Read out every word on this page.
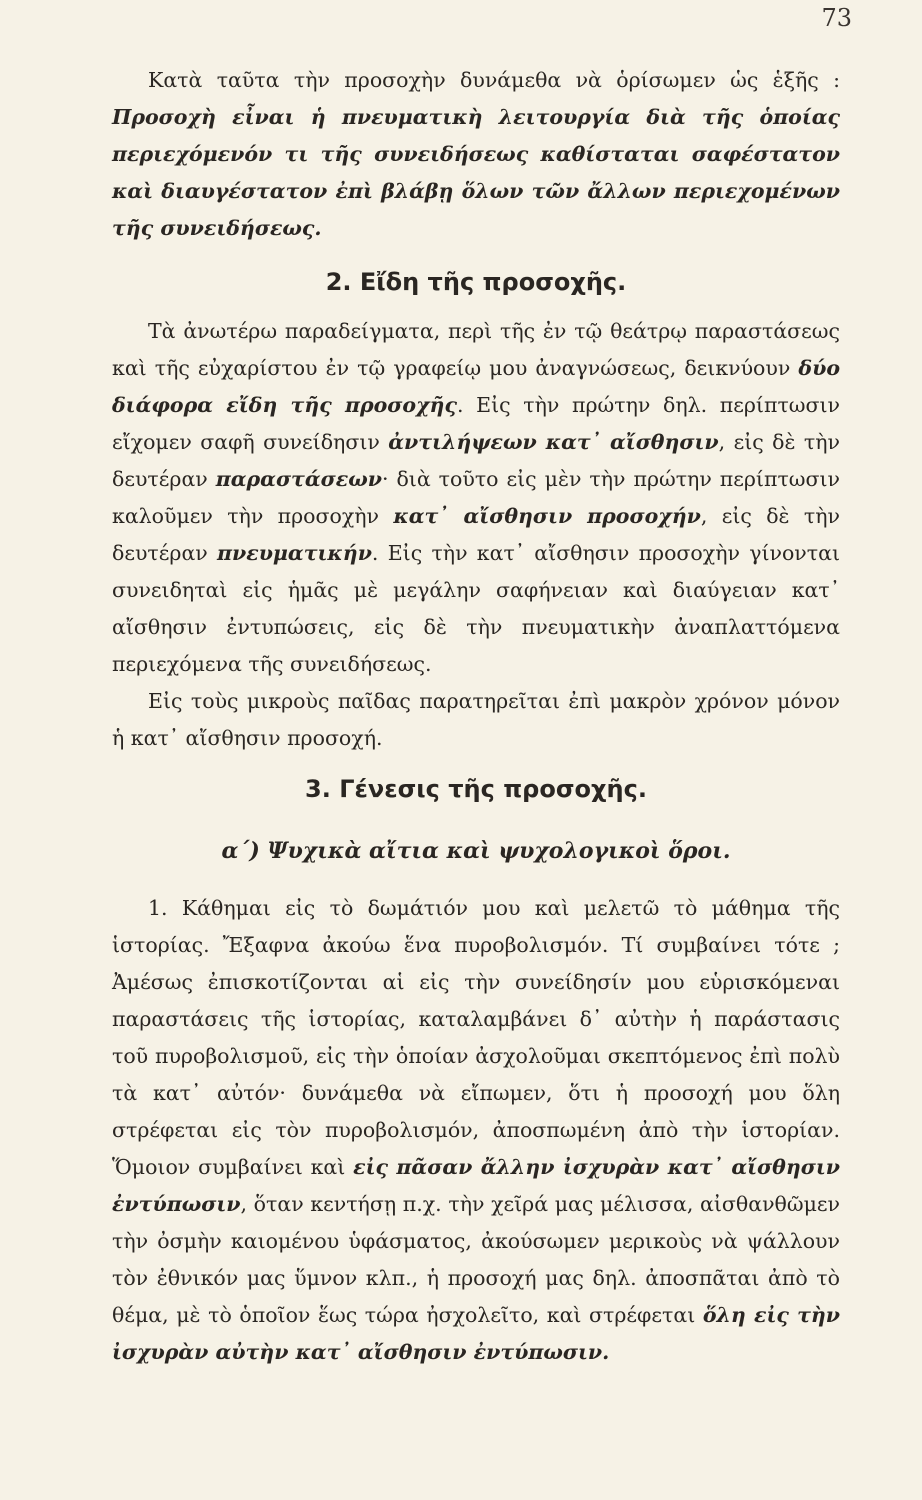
73

Κατὰ ταῦτα τὴν προσοχὴν δυνάμεθα νὰ ὁρίσωμεν ὡς ἑξῆς : Προσοχὴ εἶναι ἡ πνευματικὴ λειτουργία διὰ τῆς ὁποίας περιεχόμενόν τι τῆς συνειδήσεως καθίσταται σαφέστατον καὶ διαυγέστατον ἐπὶ βλάβῃ ὅλων τῶν ἄλλων περιεχομένων τῆς συνειδήσεως.

2. Εἴδη τῆς προσοχῆς.

Τὰ ἀνωτέρω παραδείγματα, περὶ τῆς ἐν τῷ θεάτρῳ παραστάσεως καὶ τῆς εὐχαρίστου ἐν τῷ γραφείῳ μου ἀναγνώσεως, δεικνύουν δύο διάφορα εἴδη τῆς προσοχῆς. Εἰς τὴν πρώτην δηλ. περίπτωσιν εἴχομεν σαφῆ συνείδησιν ἀντιλήψεων κατ᾽ αἴσθησιν, εἰς δὲ τὴν δευτέραν παραστάσεων· διὰ τοῦτο εἰς μὲν τὴν πρώτην περίπτωσιν καλοῦμεν τὴν προσοχὴν κατ᾽ αἴσθησιν προσοχήν, εἰς δὲ τὴν δευτέραν πνευματικήν. Εἰς τὴν κατ᾽ αἴσθησιν προσοχὴν γίνονται συνειδηταὶ εἰς ἡμᾶς μὲ μεγάλην σαφήνειαν καὶ διαύγειαν κατ᾽ αἴσθησιν ἐντυπώσεις, εἰς δὲ τὴν πνευματικὴν ἀναπλαττόμενα περιεχόμενα τῆς συνειδήσεως.

Εἰς τοὺς μικροὺς παῖδας παρατηρεῖται ἐπὶ μακρὸν χρόνον μόνον ἡ κατ᾽ αἴσθησιν προσοχή.

3. Γένεσις τῆς προσοχῆς.
α΄) Ψυχικὰ αἴτια καὶ ψυχολογικοὶ ὅροι.

1. Κάθημαι εἰς τὸ δωμάτιόν μου καὶ μελετῶ τὸ μάθημα τῆς ἱστορίας. Ἔξαφνα ἀκούω ἕνα πυροβολισμόν. Τί συμβαίνει τότε ; Ἀμέσως ἐπισκοτίζονται αἱ εἰς τὴν συνείδησίν μου εὑρισκόμεναι παραστάσεις τῆς ἱστορίας, καταλαμβάνει δ᾽ αὐτὴν ἡ παράστασις τοῦ πυροβολισμοῦ, εἰς τὴν ὁποίαν ἀσχολοῦμαι σκεπτόμενος ἐπὶ πολὺ τὰ κατ᾽ αὐτόν· δυνάμεθα νὰ εἴπωμεν, ὅτι ἡ προσοχή μου ὅλη στρέφεται εἰς τὸν πυροβολισμόν, ἀποσπωμένη ἀπὸ τὴν ἱστορίαν. Ὅμοιον συμβαίνει καὶ εἰς πᾶσαν ἄλλην ἰσχυρὰν κατ᾽ αἴσθησιν ἐντύπωσιν, ὅταν κεντήσῃ π.χ. τὴν χεῖρά μας μέλισσα, αἰσθανθῶμεν τὴν ὀσμὴν καιομένου ὑφάσματος, ἀκούσωμεν μερικοὺς νὰ ψάλλουν τὸν ἐθνικόν μας ὕμνον κλπ., ἡ προσοχή μας δηλ. ἀποσπᾶται ἀπὸ τὸ θέμα, μὲ τὸ ὁποῖον ἕως τώρα ἠσχολεῖτο, καὶ στρέφεται ὅλη εἰς τὴν ἰσχυρὰν αὐτὴν κατ᾽ αἴσθησιν ἐντύπωσιν.
